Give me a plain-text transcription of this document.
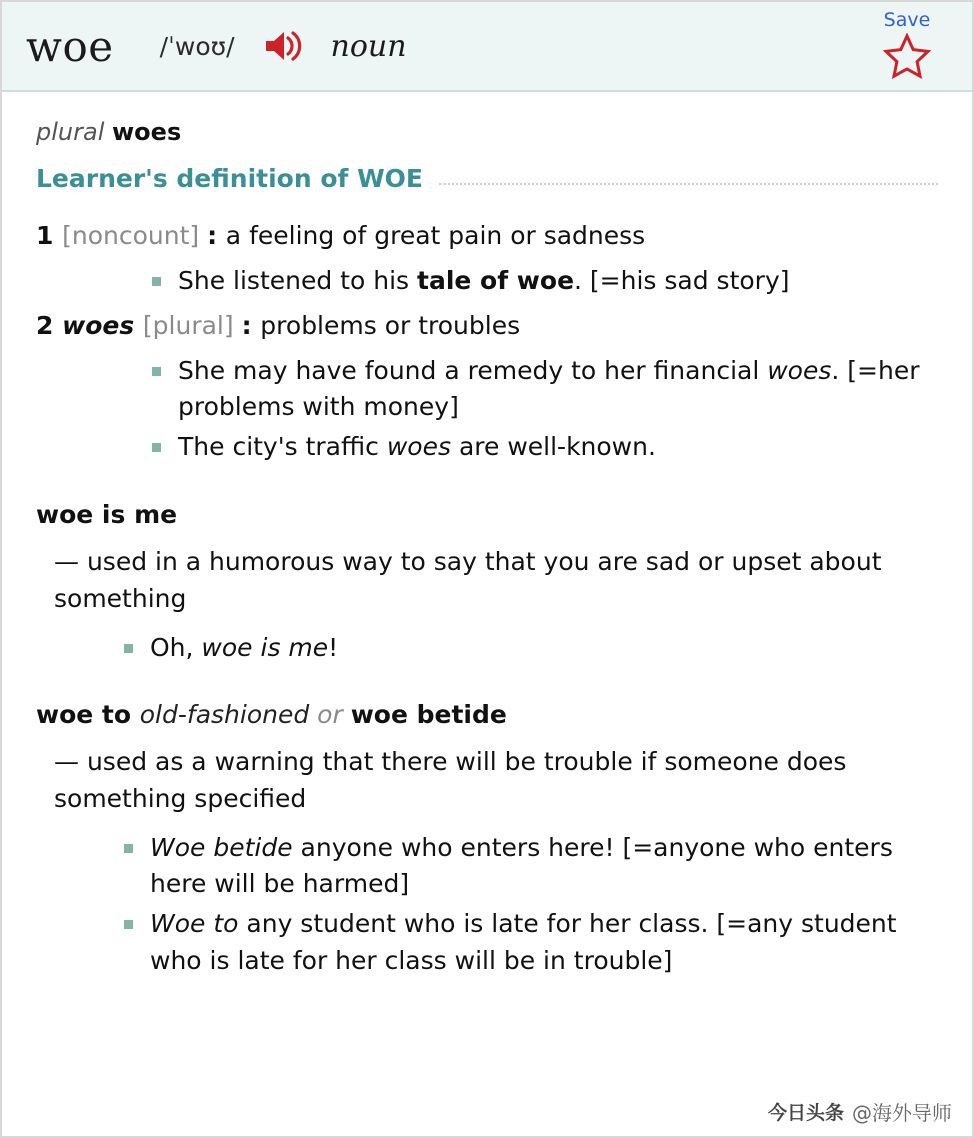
woe /ˈwoʊ/	noun
Save
plural woes
Learner's definition of WOE
1 [noncount] : a feeling of great pain or sadness
She listened to his tale of woe. [=his sad story]
2 woes [plural] : problems or troubles
She may have found a remedy to her financial woes. [=her problems with money]
The city's traffic woes are well-known.
woe is me
— used in a humorous way to say that you are sad or upset about something
Oh, woe is me!
woe to old-fashioned or woe betide
— used as a warning that there will be trouble if someone does something specified
Woe betide anyone who enters here! [=anyone who enters here will be harmed]
Woe to any student who is late for her class. [=any student who is late for her class will be in trouble]
今日头条 @海外导师
